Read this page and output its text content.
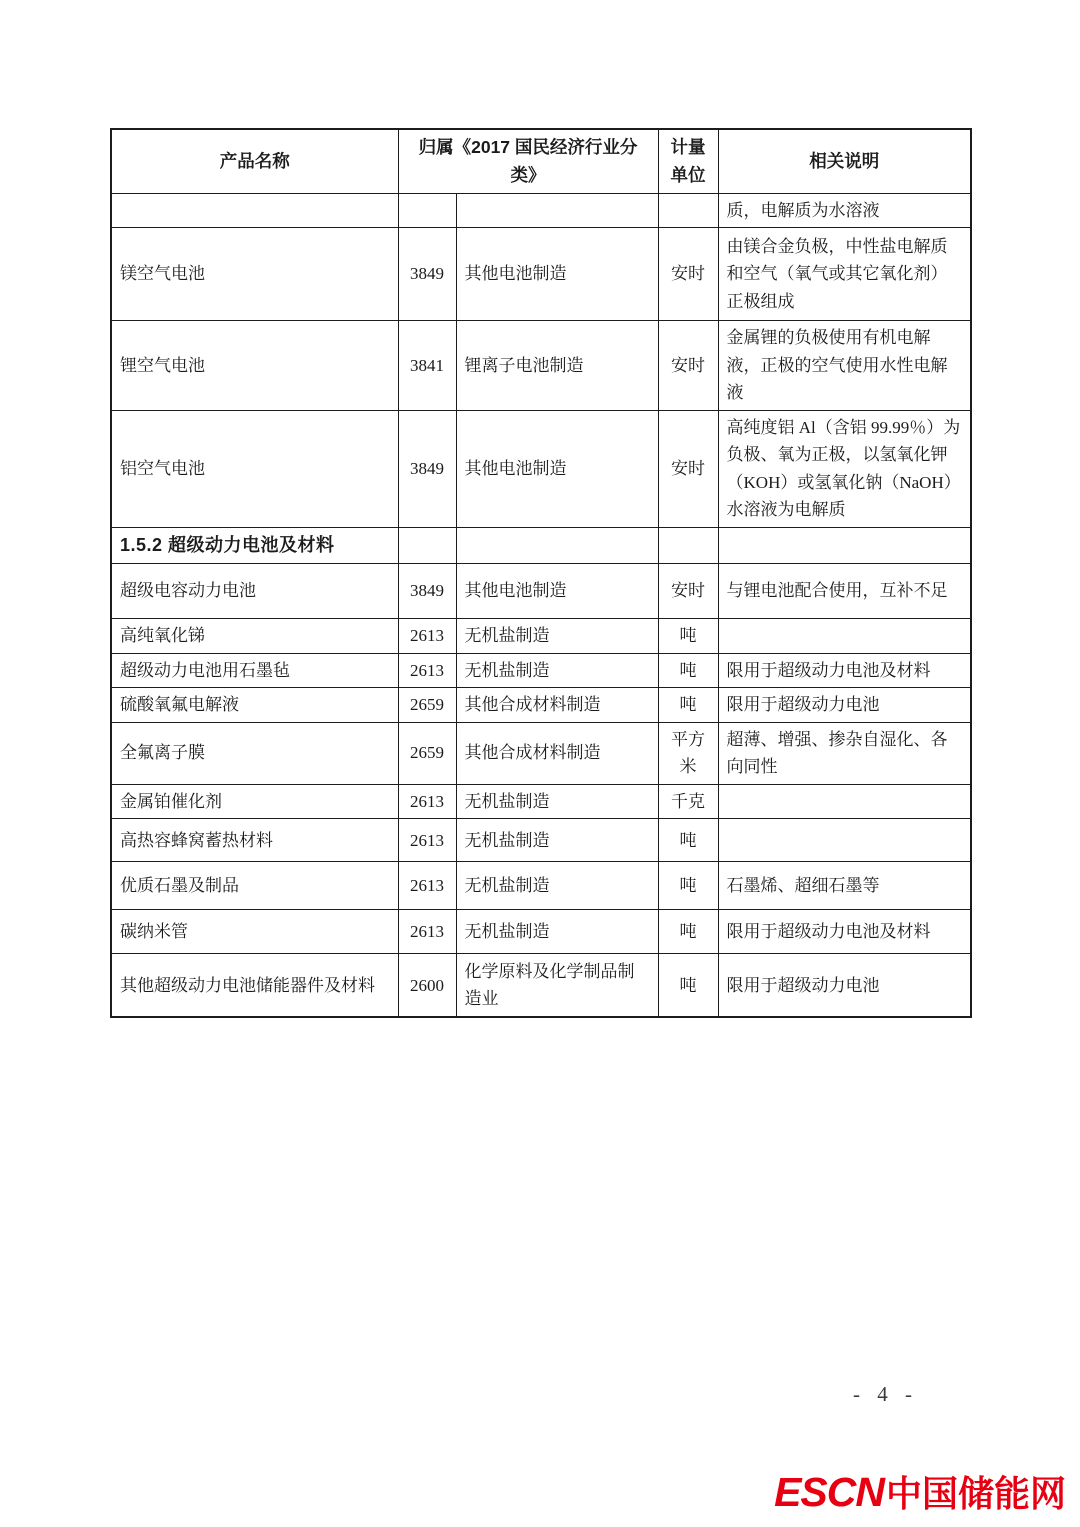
产品名称	归属《2017 国民经济行业分类》		计量单位	相关说明
				质，电解质为水溶液
镁空气电池	3849	其他电池制造	安时	由镁合金负极，中性盐电解质和空气（氧气或其它氧化剂）正极组成
锂空气电池	3841	锂离子电池制造	安时	金属锂的负极使用有机电解液，正极的空气使用水性电解液
铝空气电池	3849	其他电池制造	安时	高纯度铝 Al（含铝 99.99％）为负极、氧为正极，以氢氧化钾（KOH）或氢氧化钠（NaOH）水溶液为电解质
1.5.2 超级动力电池及材料				
超级电容动力电池	3849	其他电池制造	安时	与锂电池配合使用，互补不足
高纯氧化锑	2613	无机盐制造	吨	
超级动力电池用石墨毡	2613	无机盐制造	吨	限用于超级动力电池及材料
硫酸氧氟电解液	2659	其他合成材料制造	吨	限用于超级动力电池
全氟离子膜	2659	其他合成材料制造	平方米	超薄、增强、掺杂自湿化、各向同性
金属铂催化剂	2613	无机盐制造	千克	
高热容蜂窝蓄热材料	2613	无机盐制造	吨	
优质石墨及制品	2613	无机盐制造	吨	石墨烯、超细石墨等
碳纳米管	2613	无机盐制造	吨	限用于超级动力电池及材料
其他超级动力电池储能器件及材料	2600	化学原料及化学制品制造业	吨	限用于超级动力电池
- 4 -
ESCN中国储能网
